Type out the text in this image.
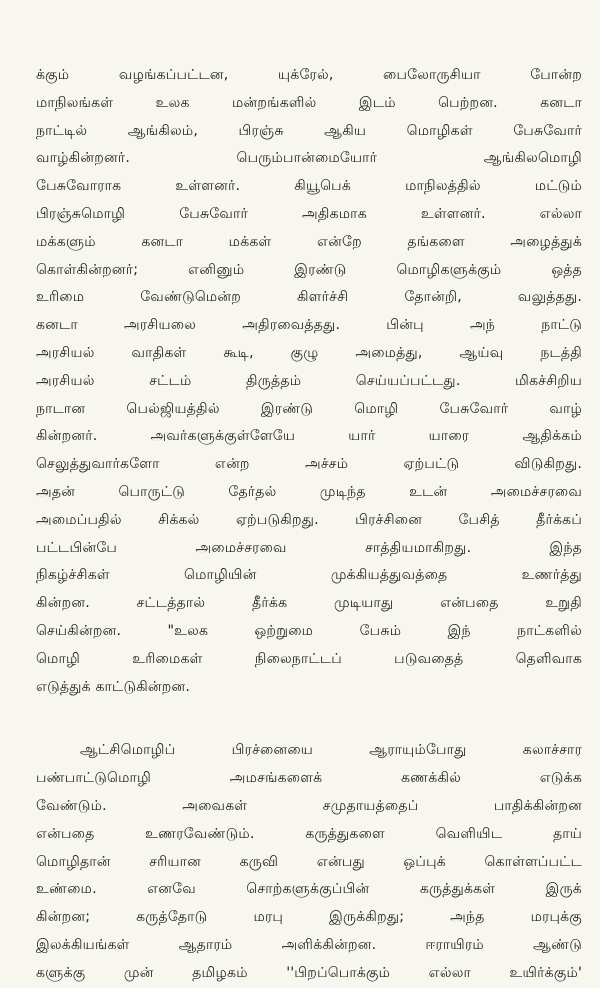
க்கும் வழங்கப்பட்டன, யுக்ரேல், பைலோருசியா போன்ற
மாநிலங்கள் உலக மன்றங்களில் இடம் பெற்றன. கனடா
நாட்டில் ஆங்கிலம், பிரஞ்சு ஆகிய மொழிகள் பேசுவோர்
வாழ்கின்றனர். பெரும்பான்மையோர் ஆங்கிலமொழி
பேசுவோராக உள்ளனர். கியூபெக் மாநிலத்தில் மட்டும்
பிரஞ்சுமொழி பேசுவோர் அதிகமாக உள்ளனர். எல்லா
மக்களும் கனடா மக்கள் என்றே தங்களை அழைத்துக்
கொள்கின்றனர்; எனினும் இரண்டு மொழிகளுக்கும் ஒத்த
உரிமை வேண்டுமென்ற கிளர்ச்சி தோன்றி, வலுத்தது.
கனடா அரசியலை அதிரவைத்தது. பின்பு அந் நாட்டு
அரசியல் வாதிகள் கூடி, குழு அமைத்து, ஆய்வு நடத்தி
அரசியல் சட்டம் திருத்தம் செய்யப்பட்டது. மிகச்சிறிய
நாடான பெல்ஜியத்தில் இரண்டு மொழி பேசுவோர் வாழ்
கின்றனர். அவர்களுக்குள்ளேயே யார் யாரை ஆதிக்கம்
செலுத்துவார்களோ என்ற அச்சம் ஏற்பட்டு விடுகிறது.
அதன் பொருட்டு தேர்தல் முடிந்த உடன் அமைச்சரவை
அமைப்பதில் சிக்கல் ஏற்படுகிறது. பிரச்சினை பேசித் தீர்க்கப்
பட்டபின்பே அமைச்சரவை சாத்தியமாகிறது. இந்த
நிகழ்ச்சிகள் மொழியின் முக்கியத்துவத்தை உணர்த்து
கின்றன. சட்டத்தால் தீர்க்க முடியாது என்பதை உறுதி
செய்கின்றன. "உலக ஒற்றுமை பேசும் இந் நாட்களில்
மொழி உரிமைகள் நிலைநாட்டப் படுவதைத் தெளிவாக
எடுத்துக் காட்டுகின்றன.
ஆட்சிமொழிப் பிரச்னையை ஆராயும்போது கலாச்சார
பண்பாட்டுமொழி அமசங்களைக் கணக்கில் எடுக்க
வேண்டும். அவைகள் சமுதாயத்தைப் பாதிக்கின்றன
என்பதை உணரவேண்டும். கருத்துகளை வெளியிட தாய்
மொழிதான் சரியான கருவி என்பது ஒப்புக் கொள்ளப்பட்ட
உண்மை. எனவே சொற்களுக்குப்பின் கருத்துக்கள் இருக்
கின்றன; கருத்தோடு மரபு இருக்கிறது; அந்த மரபுக்கு
இலக்கியங்கள் ஆதாரம் அளிக்கின்றன. ஈராயிரம் ஆண்டு
களுக்கு முன் தமிழகம் ''பிறப்பொக்கும் எல்லா உயிர்க்கும்'
